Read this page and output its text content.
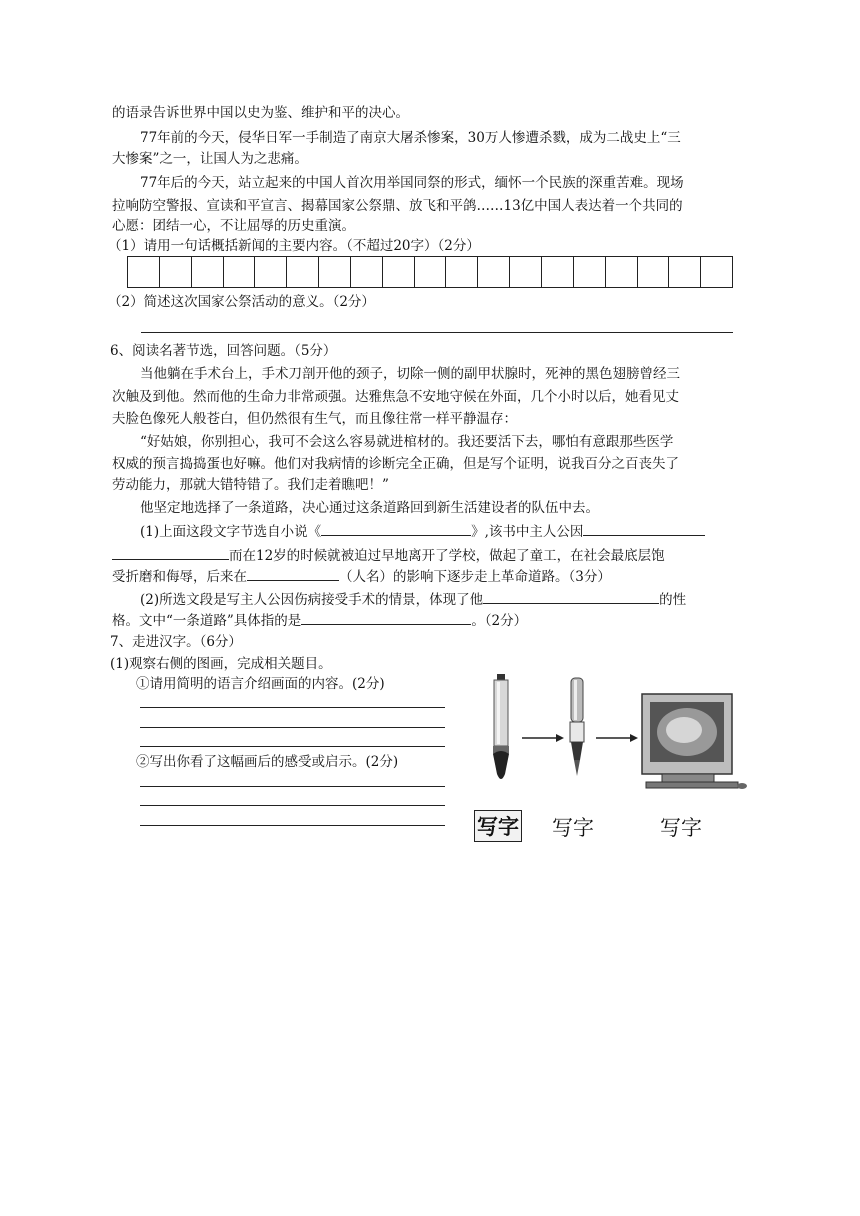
的语录告诉世界中国以史为鉴、维护和平的决心。
77年前的今天，侵华日军一手制造了南京大屠杀惨案，30万人惨遭杀戮，成为二战史上“三
大惨案”之一，让国人为之悲痛。
77年后的今天，站立起来的中国人首次用举国同祭的形式，缅怀一个民族的深重苦难。现场
拉响防空警报、宣读和平宣言、揭幕国家公祭鼎、放飞和平鸽……13亿中国人表达着一个共同的
心愿：团结一心，不让屈辱的历史重演。
（1）请用一句话概括新闻的主要内容。（不超过20字）（2分）
（2）简述这次国家公祭活动的意义。（2分）
6、阅读名著节选，回答问题。（5分）
当他躺在手术台上，手术刀剖开他的颈子，切除一侧的副甲状腺时，死神的黑色翅膀曾经三
次触及到他。然而他的生命力非常顽强。达雅焦急不安地守候在外面，几个小时以后，她看见丈
夫脸色像死人般苍白，但仍然很有生气，而且像往常一样平静温存：
“好姑娘，你别担心，我可不会这么容易就进棺材的。我还要活下去，哪怕有意跟那些医学
权威的预言捣捣蛋也好嘛。他们对我病情的诊断完全正确，但是写个证明，说我百分之百丧失了
劳动能力，那就大错特错了。我们走着瞧吧！”
他坚定地选择了一条道路，决心通过这条道路回到新生活建设者的队伍中去。
(1)上面这段文字节选自小说《	》,该书中主人公因
而在12岁的时候就被迫过早地离开了学校，做起了童工，在社会最底层饱
受折磨和侮辱，后来在	（人名）的影响下逐步走上革命道路。（3分）
(2)所选文段是写主人公因伤病接受手术的情景，体现了他	的性
格。文中“一条道路”具体指的是	。（2分）
7、走进汉字。（6分）
(1)观察右侧的图画，完成相关题目。
①请用简明的语言介绍画面的内容。(2分)
②写出你看了这幅画后的感受或启示。(2分)
写字 写字	写字
